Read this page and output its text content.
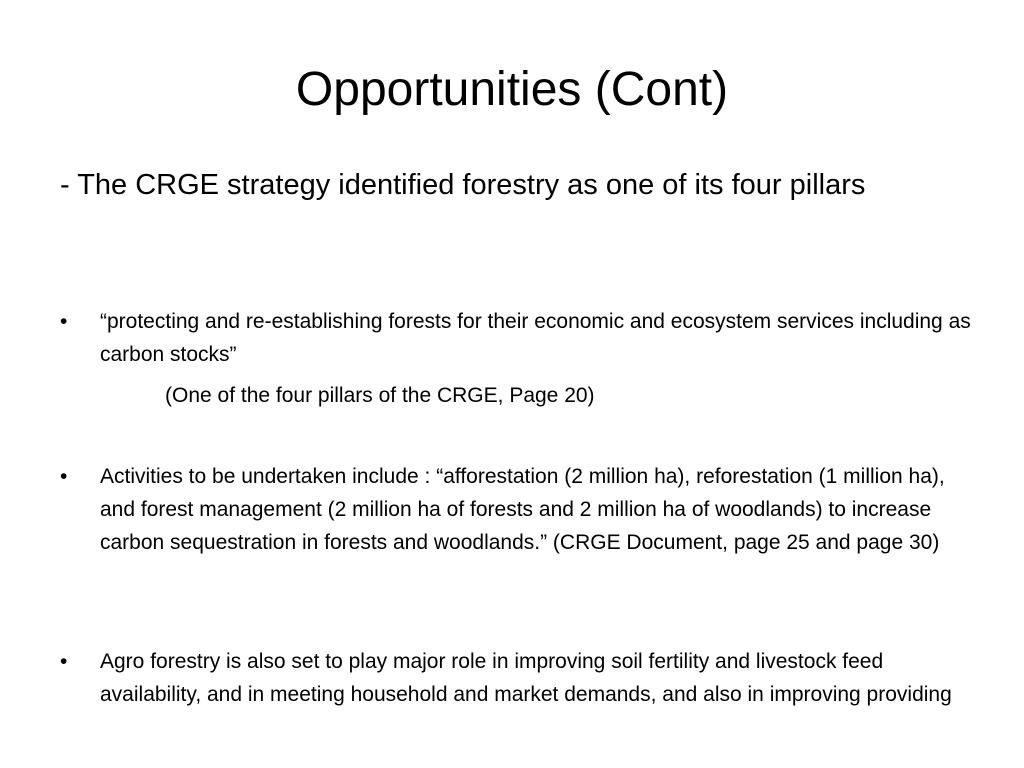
Opportunities (Cont)

- The CRGE strategy identified forestry as one of its four pillars

•	“protecting and re-establishing forests for their economic and ecosystem services including as carbon stocks”
(One of the four pillars of the CRGE, Page 20)
•	Activities to be undertaken include : “afforestation (2 million ha), reforestation (1 million ha), and forest management (2 million ha of forests and 2 million ha of woodlands) to increase carbon sequestration in forests and woodlands.” (CRGE Document, page 25 and page 30)
•	Agro forestry is also set to play major role in improving soil fertility and livestock feed availability, and in meeting household and market demands, and also in improving providing
